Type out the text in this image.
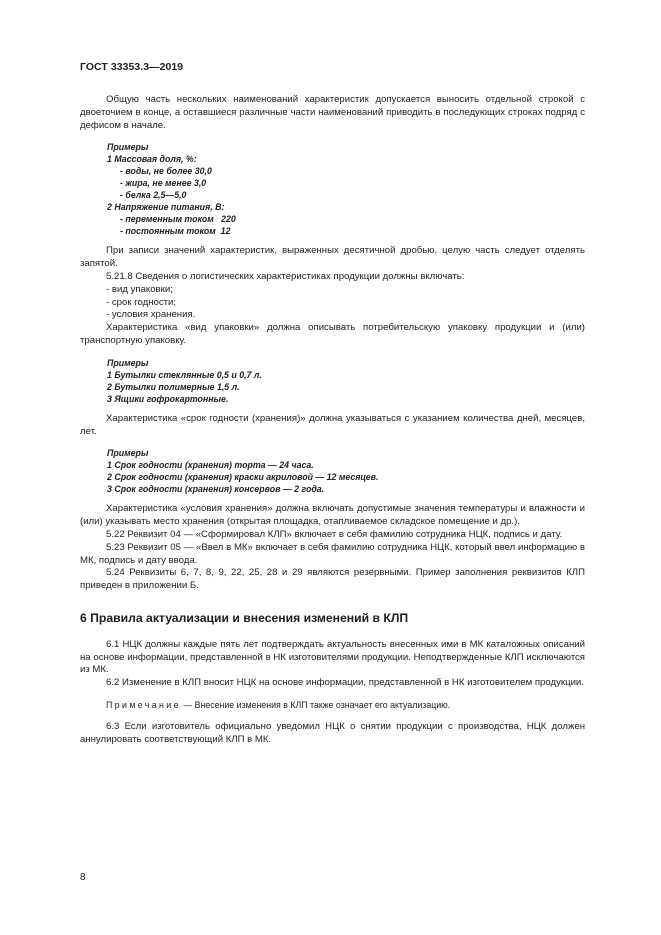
ГОСТ 33353.3—2019

Общую часть нескольких наименований характеристик допускается выносить отдельной строкой с двоеточием в конце, а оставшиеся различные части наименований приводить в последующих строках подряд с дефисом в начале.

Примеры
1 Массовая доля, %:
- воды, не более 30,0
- жира, не менее 3,0
- белка 2,5—5,0
2 Напряжение питания, В:
- переменным током   220
- постоянным током  12

При записи значений характеристик, выраженных десятичной дробью, целую часть следует отделять запятой.

5.21.8 Сведения о логистических характеристиках продукции должны включать:

- вид упаковки;
- срок годности;
- условия хранения.

Характеристика «вид упаковки» должна описывать потребительскую упаковку продукции и (или) транспортную упаковку.

Примеры
1 Бутылки стеклянные 0,5 и 0,7 л.
2 Бутылки полимерные 1,5 л.
3 Ящики гофрокартонные.

Характеристика «срок годности (хранения)» должна указываться с указанием количества дней, месяцев, лет.

Примеры
1 Срок годности (хранения) торта — 24 часа.
2 Срок годности (хранения) краски акриловой — 12 месяцев.
3 Срок годности (хранения) консервов — 2 года.

Характеристика «условия хранения» должна включать допустимые значения температуры и влажности и (или) указывать место хранения (открытая площадка, отапливаемое складское помещение и др.).

5.22 Реквизит 04 — «Сформировал КЛП» включает в себя фамилию сотрудника НЦК, подпись и дату.

5.23 Реквизит 05 — «Ввел в МК» включает в себя фамилию сотрудника НЦК, который ввел информацию в МК, подпись и дату ввода.

5.24 Реквизиты 6, 7, 8, 9, 22, 25, 28 и 29 являются резервными. Пример заполнения реквизитов КЛП приведен в приложении Б.

6 Правила актуализации и внесения изменений в КЛП

6.1 НЦК должны каждые пять лет подтверждать актуальность внесенных ими в МК каталожных описаний на основе информации, представленной в НК изготовителями продукции. Неподтвержденные КЛП исключаются из МК.

6.2 Изменение в КЛП вносит НЦК на основе информации, представленной в НК изготовителем продукции.

Примечание — Внесение изменения в КЛП также означает его актуализацию.

6.3 Если изготовитель официально уведомил НЦК о снятии продукции с производства, НЦК должен аннулировать соответствующий КЛП в МК.

8
